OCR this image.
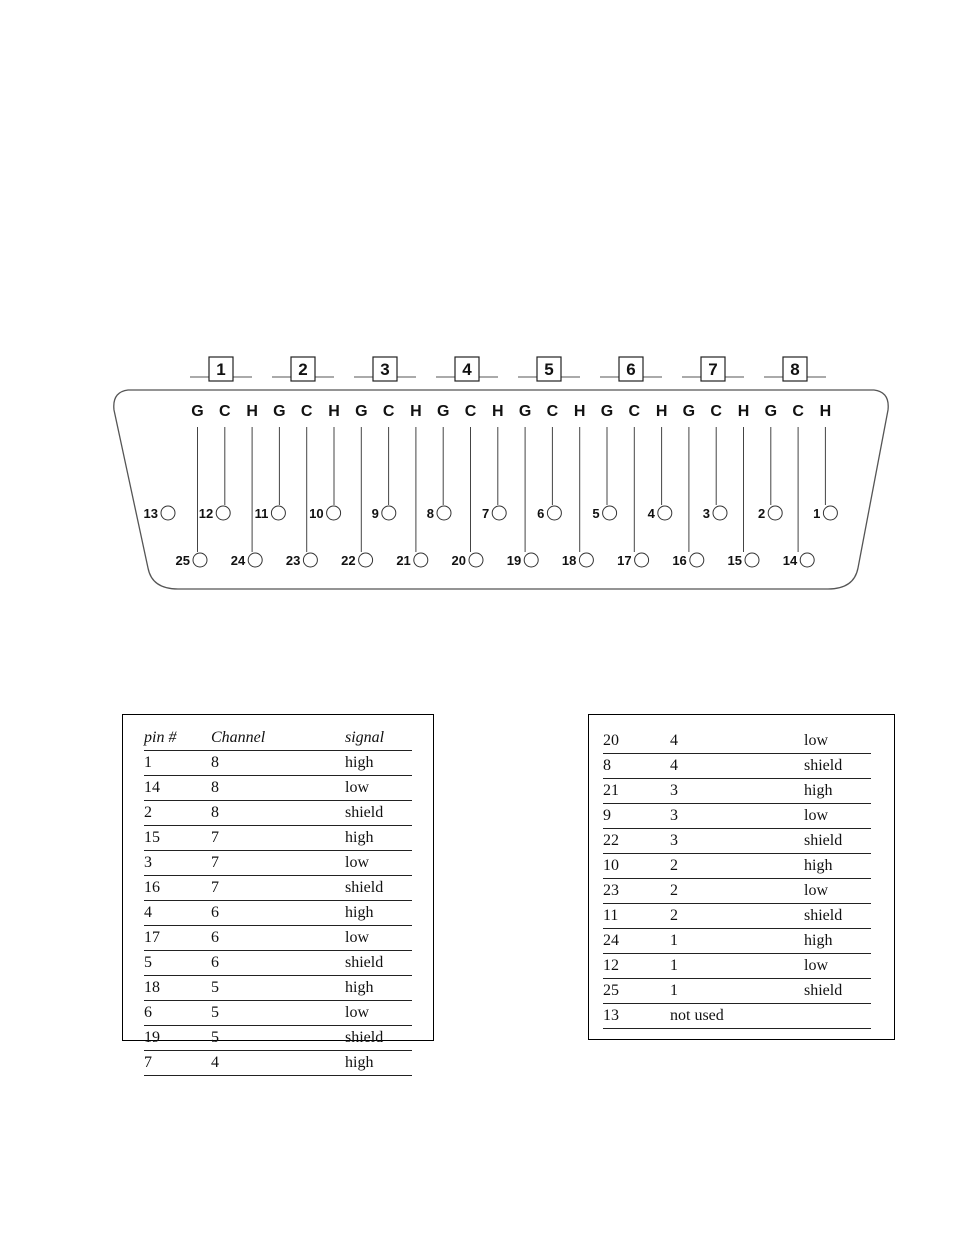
1	2	3	4	5	6	7	8
G C H G C H G C H G C H G C H G C H G C H G C H
13	12	11	10	9	8	7	6	5	4	3	2	1
25	24	23	22	21	20	19	18	17	16	15	14
pin #	Channel	signal
1	8	high
14	8	low
2	8	shield
15	7	high
3	7	low
16	7	shield
4	6	high
17	6	low
5	6	shield
18	5	high
6	5	low
19	5	shield
7	4	high
20	4	low
8	4	shield
21	3	high
9	3	low
22	3	shield
10	2	high
23	2	low
11	2	shield
24	1	high
12	1	low
25	1	shield
13	not used	
